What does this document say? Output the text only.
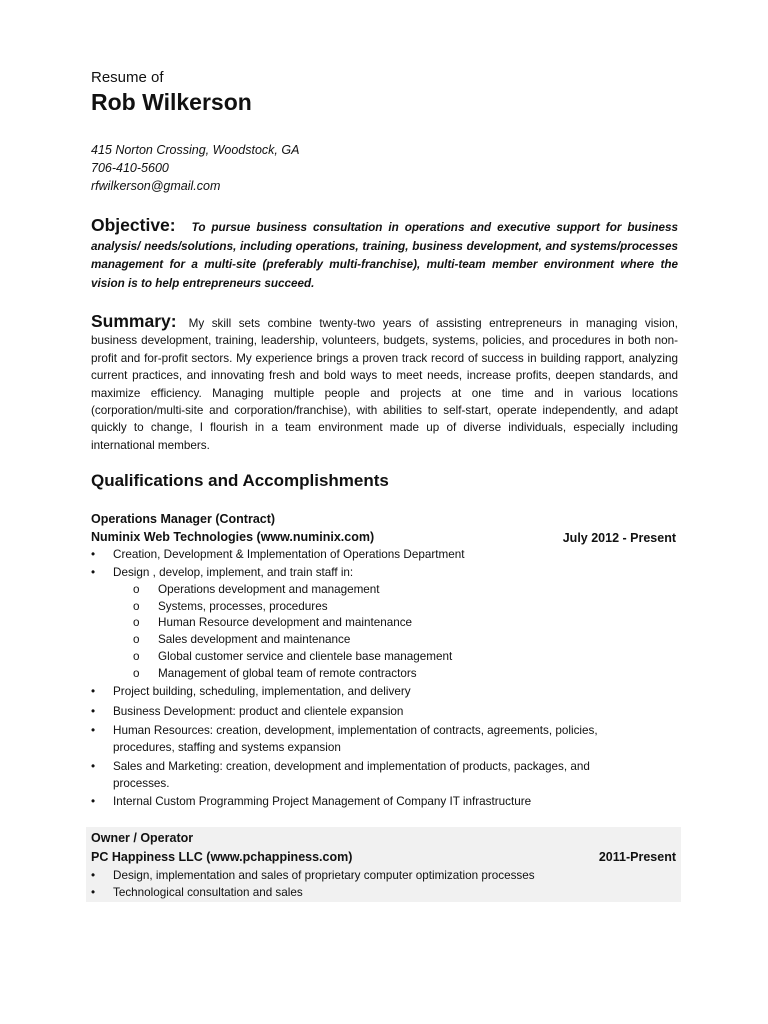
Resume of
Rob Wilkerson
415 Norton Crossing, Woodstock, GA
706-410-5600
rfwilkerson@gmail.com
Objective: To pursue business consultation in operations and executive support for business analysis/ needs/solutions, including operations, training, business development, and systems/processes management for a multi-site (preferably multi-franchise), multi-team member environment where the vision is to help entrepreneurs succeed.
Summary: My skill sets combine twenty-two years of assisting entrepreneurs in managing vision, business development, training, leadership, volunteers, budgets, systems, policies, and procedures in both non-profit and for-profit sectors. My experience brings a proven track record of success in building rapport, analyzing current practices, and innovating fresh and bold ways to meet needs, increase profits, deepen standards, and maximize efficiency. Managing multiple people and projects at one time and in various locations (corporation/multi-site and corporation/franchise), with abilities to self-start, operate independently, and adapt quickly to change, I flourish in a team environment made up of diverse individuals, especially including international members.
Qualifications and Accomplishments
Operations Manager (Contract)
Numinix Web Technologies (www.numinix.com)	July 2012 - Present
•	Creation, Development & Implementation of Operations Department
•	Design , develop, implement, and train staff in:
o Operations development and management
o Systems, processes, procedures
o Human Resource development and maintenance
o Sales development and maintenance
o Global customer service and clientele base management
o Management of global team of remote contractors
•	Project building, scheduling, implementation, and delivery
•	Business Development: product and clientele expansion
•	Human Resources: creation, development, implementation of contracts, agreements, policies,
procedures, staffing and systems expansion
•	Sales and Marketing: creation, development and implementation of products, packages, and
processes.
•	Internal Custom Programming Project Management of Company IT infrastructure
Owner / Operator
PC Happiness LLC (www.pchappiness.com)	2011-Present
•	Design, implementation and sales of proprietary computer optimization processes
•	Technological consultation and sales
